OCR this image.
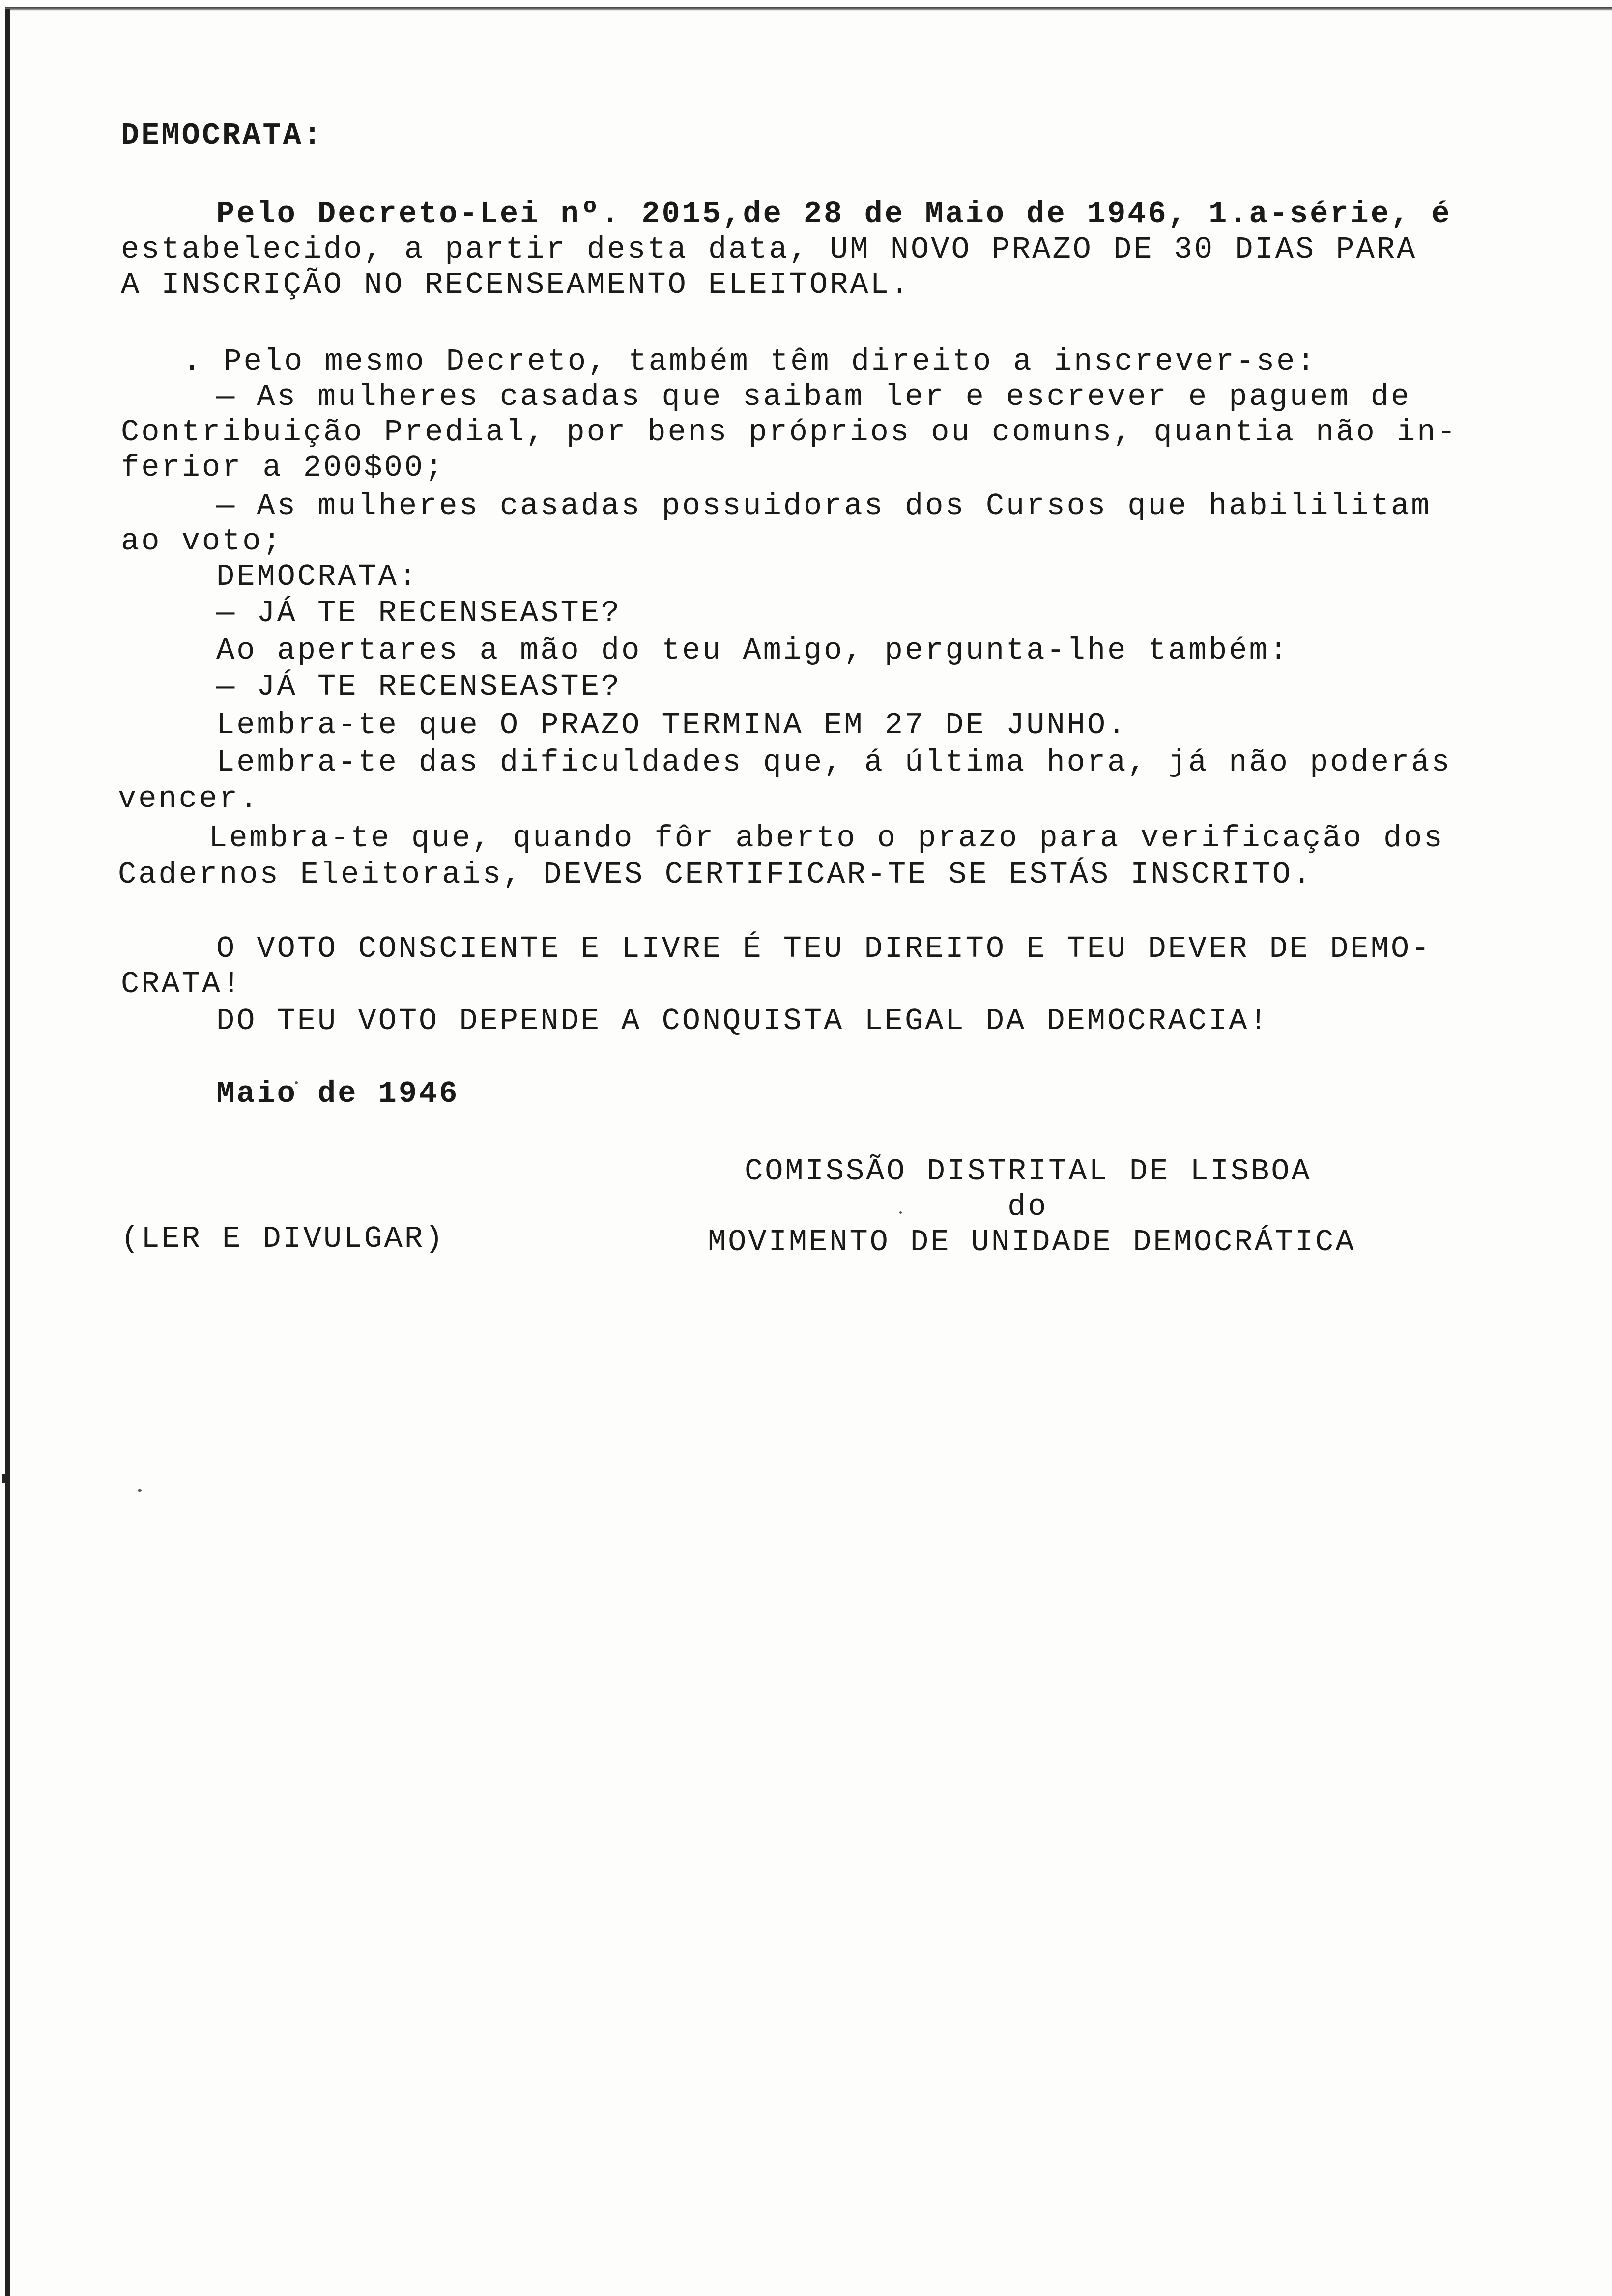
DEMOCRATA:

Pelo Decreto-Lei nº. 2015,de 28 de Maio de 1946, 1.a-série, é

estabelecido, a partir desta data, UM NOVO PRAZO DE 30 DIAS PARA

A INSCRIÇÃO NO RECENSEAMENTO ELEITORAL.

. Pelo mesmo Decreto, também têm direito a inscrever-se:

— As mulheres casadas que saibam ler e escrever e paguem de

Contribuição Predial, por bens próprios ou comuns, quantia não in-

ferior a 200$00;

— As mulheres casadas possuidoras dos Cursos que habililitam

ao voto;

DEMOCRATA:

— JÁ TE RECENSEASTE?

Ao apertares a mão do teu Amigo, pergunta-lhe também:

— JÁ TE RECENSEASTE?

Lembra-te que O PRAZO TERMINA EM 27 DE JUNHO.

Lembra-te das dificuldades que, á última hora, já não poderás

vencer.

Lembra-te que, quando fôr aberto o prazo para verificação dos

Cadernos Eleitorais, DEVES CERTIFICAR-TE SE ESTÁS INSCRITO.

O VOTO CONSCIENTE E LIVRE É TEU DIREITO E TEU DEVER DE DEMO-

CRATA!

DO TEU VOTO DEPENDE A CONQUISTA LEGAL DA DEMOCRACIA!

Maio de 1946

COMISSÃO DISTRITAL DE LISBOA

do

MOVIMENTO DE UNIDADE DEMOCRÁTICA

(LER E DIVULGAR)
